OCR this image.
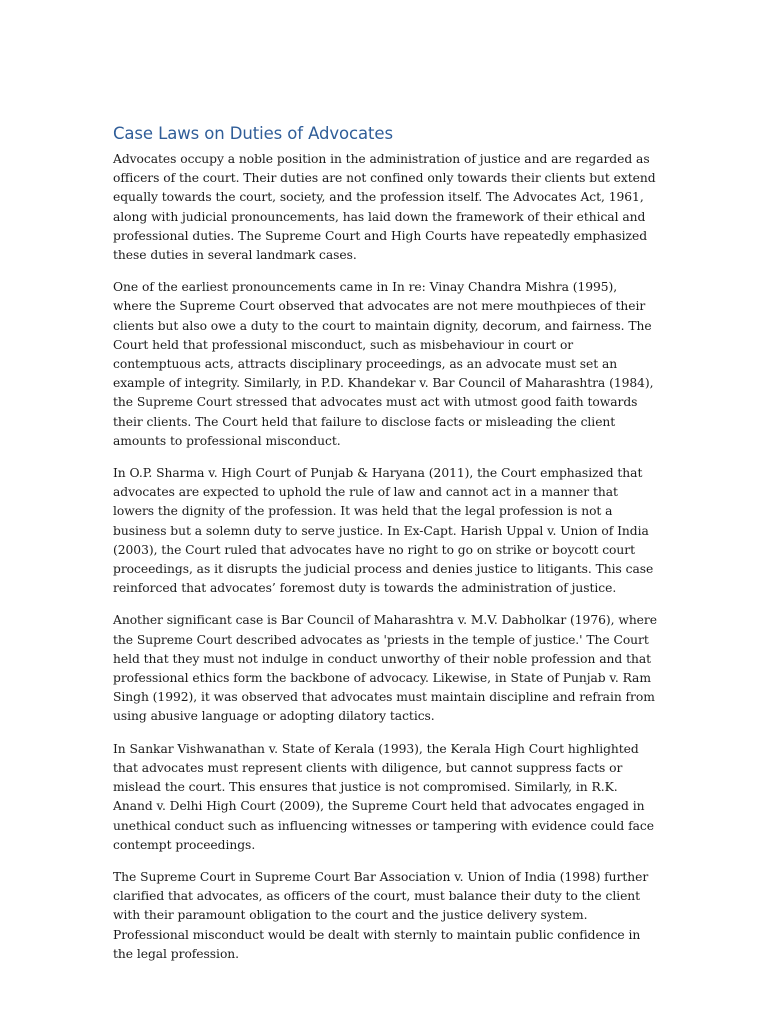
Case Laws on Duties of Advocates

Advocates occupy a noble position in the administration of justice and are regarded as officers of the court. Their duties are not confined only towards their clients but extend equally towards the court, society, and the profession itself. The Advocates Act, 1961, along with judicial pronouncements, has laid down the framework of their ethical and professional duties. The Supreme Court and High Courts have repeatedly emphasized these duties in several landmark cases.

One of the earliest pronouncements came in In re: Vinay Chandra Mishra (1995), where the Supreme Court observed that advocates are not mere mouthpieces of their clients but also owe a duty to the court to maintain dignity, decorum, and fairness. The Court held that professional misconduct, such as misbehaviour in court or contemptuous acts, attracts disciplinary proceedings, as an advocate must set an example of integrity. Similarly, in P.D. Khandekar v. Bar Council of Maharashtra (1984), the Supreme Court stressed that advocates must act with utmost good faith towards their clients. The Court held that failure to disclose facts or misleading the client amounts to professional misconduct.

In O.P. Sharma v. High Court of Punjab & Haryana (2011), the Court emphasized that advocates are expected to uphold the rule of law and cannot act in a manner that lowers the dignity of the profession. It was held that the legal profession is not a business but a solemn duty to serve justice. In Ex-Capt. Harish Uppal v. Union of India (2003), the Court ruled that advocates have no right to go on strike or boycott court proceedings, as it disrupts the judicial process and denies justice to litigants. This case reinforced that advocates’ foremost duty is towards the administration of justice.

Another significant case is Bar Council of Maharashtra v. M.V. Dabholkar (1976), where the Supreme Court described advocates as 'priests in the temple of justice.' The Court held that they must not indulge in conduct unworthy of their noble profession and that professional ethics form the backbone of advocacy. Likewise, in State of Punjab v. Ram Singh (1992), it was observed that advocates must maintain discipline and refrain from using abusive language or adopting dilatory tactics.

In Sankar Vishwanathan v. State of Kerala (1993), the Kerala High Court highlighted that advocates must represent clients with diligence, but cannot suppress facts or mislead the court. This ensures that justice is not compromised. Similarly, in R.K. Anand v. Delhi High Court (2009), the Supreme Court held that advocates engaged in unethical conduct such as influencing witnesses or tampering with evidence could face contempt proceedings.

The Supreme Court in Supreme Court Bar Association v. Union of India (1998) further clarified that advocates, as officers of the court, must balance their duty to the client with their paramount obligation to the court and the justice delivery system. Professional misconduct would be dealt with sternly to maintain public confidence in the legal profession.
